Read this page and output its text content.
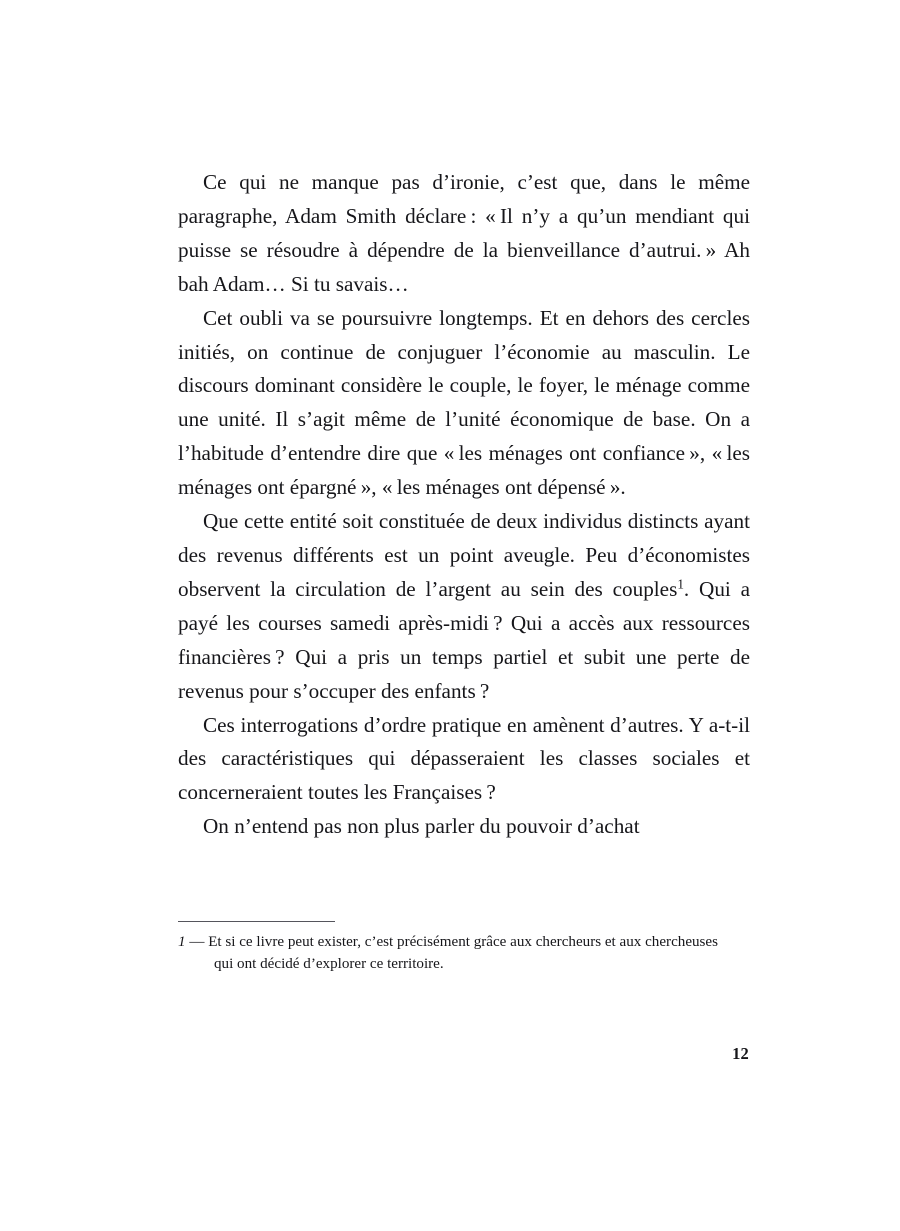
Ce qui ne manque pas d’ironie, c’est que, dans le même paragraphe, Adam Smith déclare : « Il n’y a qu’un mendiant qui puisse se résoudre à dépendre de la bienveillance d’autrui. » Ah bah Adam… Si tu savais…

Cet oubli va se poursuivre longtemps. Et en dehors des cercles initiés, on continue de conjuguer l’économie au masculin. Le discours dominant considère le couple, le foyer, le ménage comme une unité. Il s’agit même de l’unité économique de base. On a l’habitude d’entendre dire que « les ménages ont confiance », « les ménages ont épargné », « les ménages ont dépensé ».

Que cette entité soit constituée de deux individus distincts ayant des revenus différents est un point aveugle. Peu d’économistes observent la circulation de l’argent au sein des couples$^1$. Qui a payé les courses samedi après-midi ? Qui a accès aux ressources financières ? Qui a pris un temps partiel et subit une perte de revenus pour s’occuper des enfants ?

Ces interrogations d’ordre pratique en amènent d’autres. Y a-t-il des caractéristiques qui dépasseraient les classes sociales et concerneraient toutes les Françaises ?

On n’entend pas non plus parler du pouvoir d’achat

1 — Et si ce livre peut exister, c’est précisément grâce aux chercheurs et aux chercheuses qui ont décidé d’explorer ce territoire.
12
